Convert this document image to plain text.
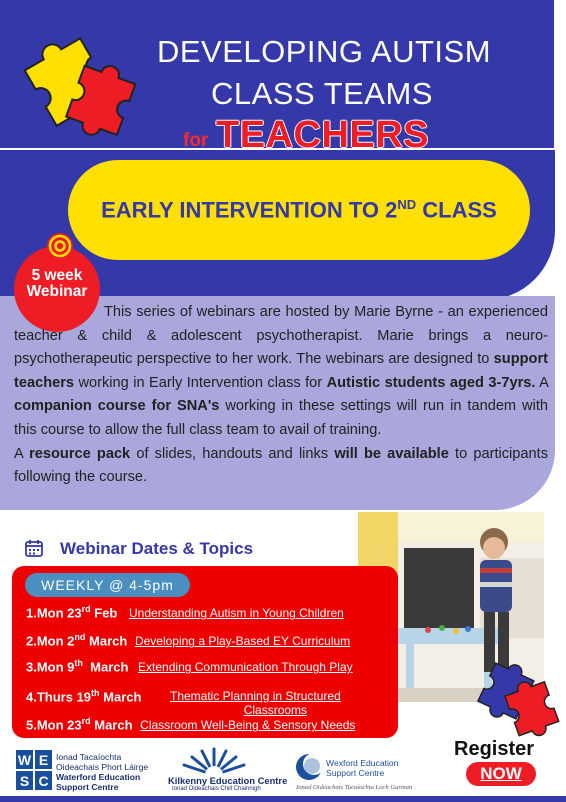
DEVELOPING AUTISM
CLASS TEAMS
for TEACHERS
EARLY INTERVENTION TO 2ND CLASS
5 week
Webinar
This series of webinars are hosted by Marie Byrne - an experienced teacher & child & adolescent psychotherapist. Marie brings a neuro-psychotherapeutic perspective to her work. The webinars are designed to support teachers working in Early Intervention class for Autistic students aged 3-7yrs. A companion course for SNA's working in these settings will run in tandem with this course to allow the full class team to avail of training.
A resource pack of slides, handouts and links will be available to participants following the course.
Webinar Dates & Topics
WEEKLY @ 4-5pm
1.Mon 23rd Feb Understanding Autism in Young Children
2.Mon 2nd March Developing a Play-Based EY Curriculum
3.Mon 9th  March Extending Communication Through Play
4.Thurs 19th March Thematic Planning in Structured
Classrooms
5.Mon 23rd March Classroom Well-Being & Sensory Needs
Register
NOW
W E
S C
Ionad Tacaíochta
Oideachais Phort Láirge
Waterford Education
Support Centre
Kilkenny Education Centre
Ionad Oideachais Chill Chainnigh
Wexford Education
Support Centre
Ionad Oideachais Tacaíochta Loch Garman
